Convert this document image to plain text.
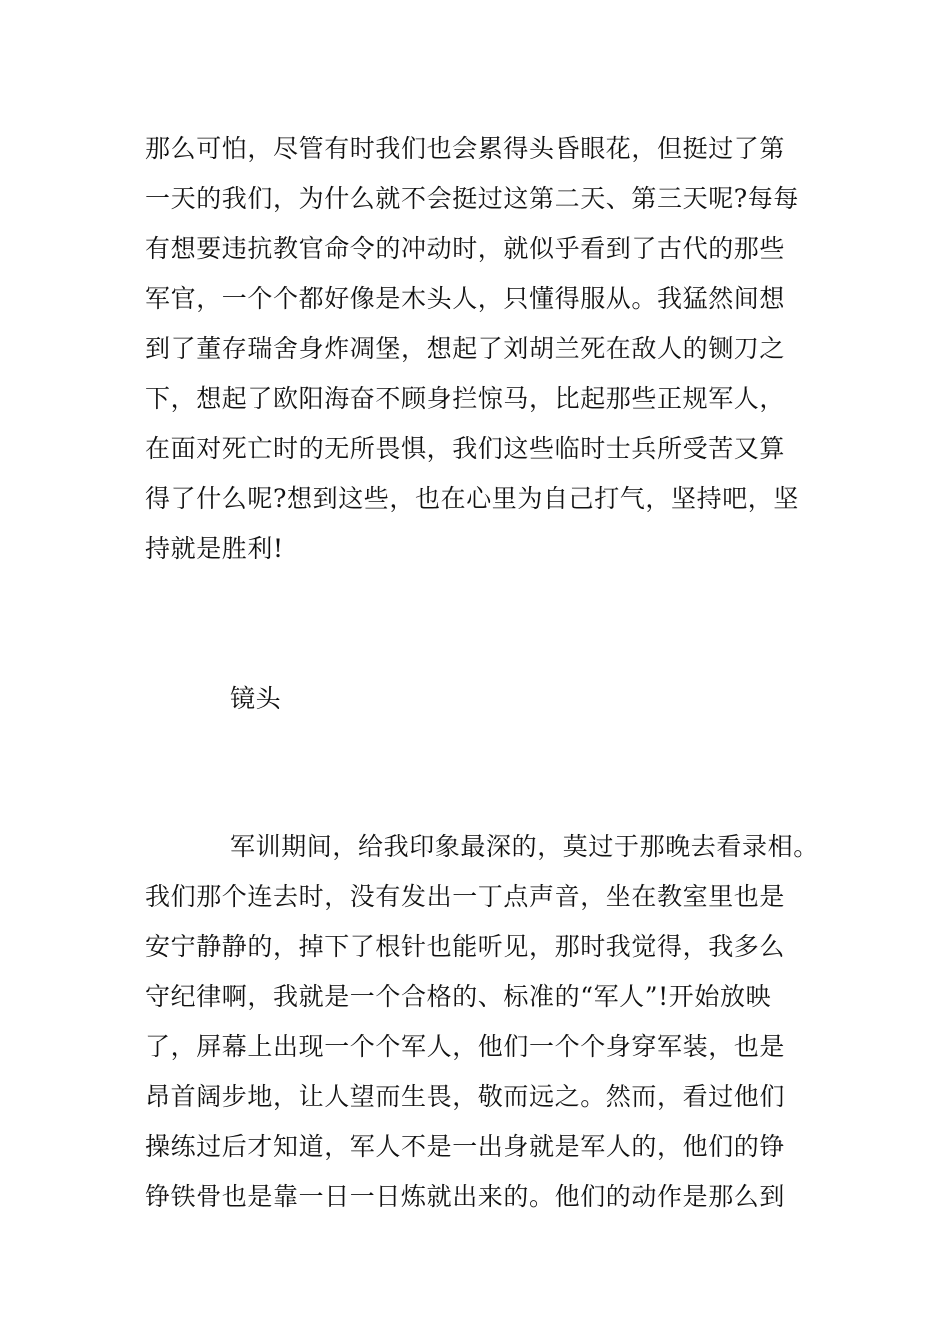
那么可怕，尽管有时我们也会累得头昏眼花，但挺过了第
一天的我们，为什么就不会挺过这第二天、第三天呢?每每
有想要违抗教官命令的冲动时，就似乎看到了古代的那些
军官，一个个都好像是木头人，只懂得服从。我猛然间想
到了董存瑞舍身炸凋堡，想起了刘胡兰死在敌人的铡刀之
下，想起了欧阳海奋不顾身拦惊马，比起那些正规军人，
在面对死亡时的无所畏惧，我们这些临时士兵所受苦又算
得了什么呢?想到这些，也在心里为自己打气，坚持吧，坚
持就是胜利!
镜头
军训期间，给我印象最深的，莫过于那晚去看录相。
我们那个连去时，没有发出一丁点声音，坐在教室里也是
安宁静静的，掉下了根针也能听见，那时我觉得，我多么
守纪律啊，我就是一个合格的、标准的“军人”!开始放映
了，屏幕上出现一个个军人，他们一个个身穿军装，也是
昂首阔步地，让人望而生畏，敬而远之。然而，看过他们
操练过后才知道，军人不是一出身就是军人的，他们的铮
铮铁骨也是靠一日一日炼就出来的。他们的动作是那么到
